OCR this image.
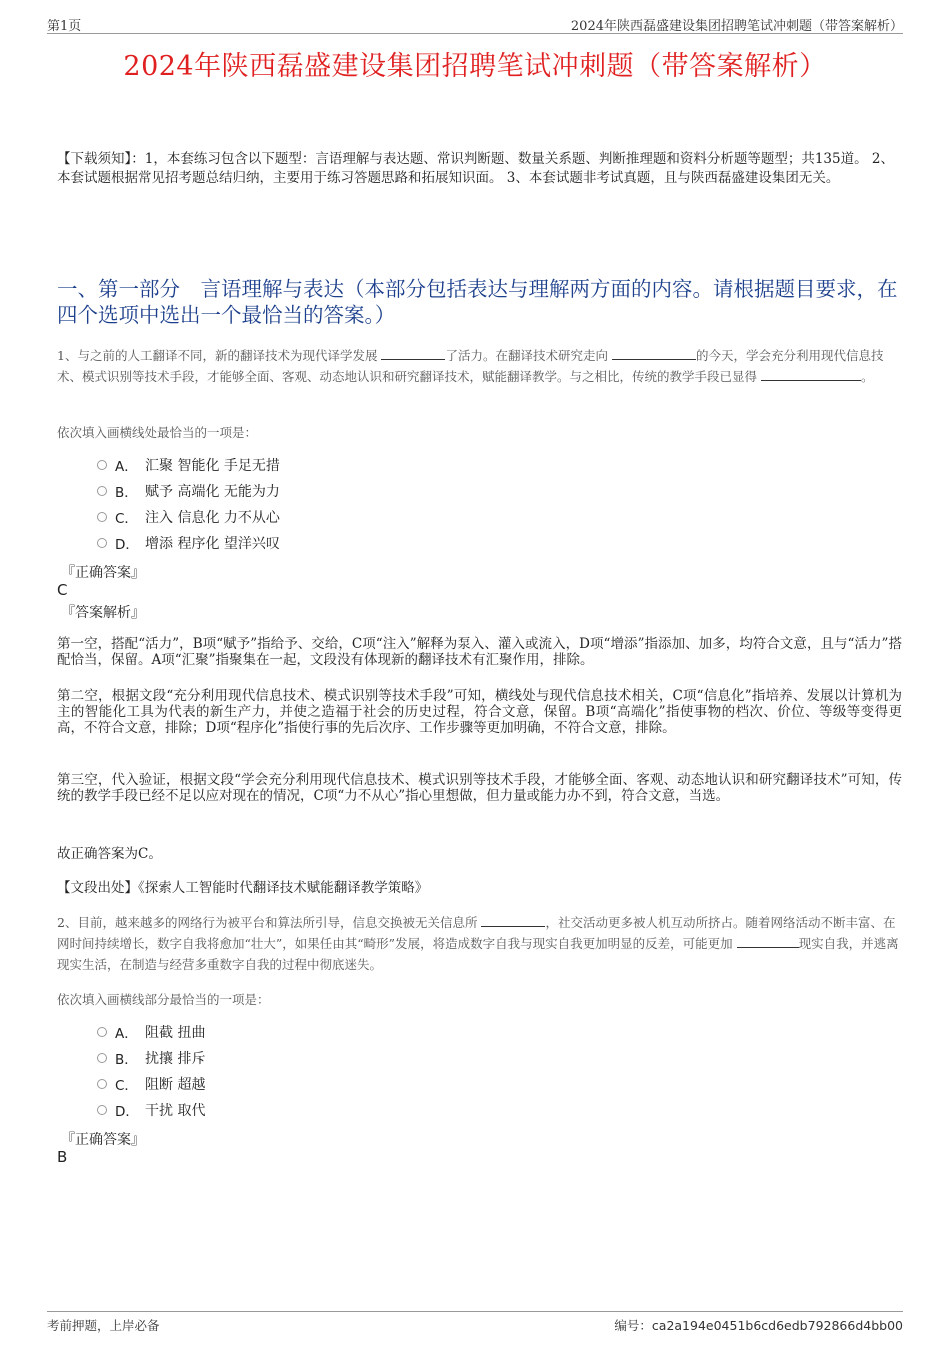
第1页	2024年陕西磊盛建设集团招聘笔试冲刺题（带答案解析）
2024年陕西磊盛建设集团招聘笔试冲刺题（带答案解析）
【下载须知】：1，本套练习包含以下题型：言语理解与表达题、常识判断题、数量关系题、判断推理题和资料分析题等题型；共135道。 2、本套试题根据常见招考题总结归纳，主要用于练习答题思路和拓展知识面。 3、本套试题非考试真题，且与陕西磊盛建设集团无关。
一、第一部分　言语理解与表达（本部分包括表达与理解两方面的内容。请根据题目要求，在四个选项中选出一个最恰当的答案。）
1、与之前的人工翻译不同，新的翻译技术为现代译学发展	了活力。在翻译技术研究走向	的今天，学会充分利用现代信息技术、模式识别等技术手段，才能够全面、客观、动态地认识和研究翻译技术，赋能翻译教学。与之相比，传统的教学手段已显得	。
依次填入画横线处最恰当的一项是：
A． 汇聚 智能化 手足无措
B． 赋予 高端化 无能为力
C． 注入 信息化 力不从心
D． 增添 程序化 望洋兴叹
『正确答案』
C
『答案解析』
第一空，搭配“活力”，B项“赋予”指给予、交给，C项“注入”解释为泵入、灌入或流入，D项“增添”指添加、加多，均符合文意，且与“活力”搭配恰当，保留。A项“汇聚”指聚集在一起，文段没有体现新的翻译技术有汇聚作用，排除。
第二空，根据文段“充分利用现代信息技术、模式识别等技术手段”可知，横线处与现代信息技术相关，C项“信息化”指培养、发展以计算机为主的智能化工具为代表的新生产力，并使之造福于社会的历史过程，符合文意，保留。B项“高端化”指使事物的档次、价位、等级等变得更高，不符合文意，排除；D项“程序化”指使行事的先后次序、工作步骤等更加明确，不符合文意，排除。
第三空，代入验证，根据文段“学会充分利用现代信息技术、模式识别等技术手段，才能够全面、客观、动态地认识和研究翻译技术”可知，传统的教学手段已经不足以应对现在的情况，C项“力不从心”指心里想做，但力量或能力办不到，符合文意，当选。
故正确答案为C。
【文段出处】《探索人工智能时代翻译技术赋能翻译教学策略》
2、目前，越来越多的网络行为被平台和算法所引导，信息交换被无关信息所	，社交活动更多被人机互动所挤占。随着网络活动不断丰富、在网时间持续增长，数字自我将愈加“壮大”，如果任由其“畸形”发展，将造成数字自我与现实自我更加明显的反差，可能更加	现实自我，并逃离现实生活，在制造与经营多重数字自我的过程中彻底迷失。
依次填入画横线部分最恰当的一项是：
A． 阻截 扭曲
B． 扰攘 排斥
C． 阻断 超越
D． 干扰 取代
『正确答案』
B
考前押题，上岸必备	编号：ca2a194e0451b6cd6edb792866d4bb00
